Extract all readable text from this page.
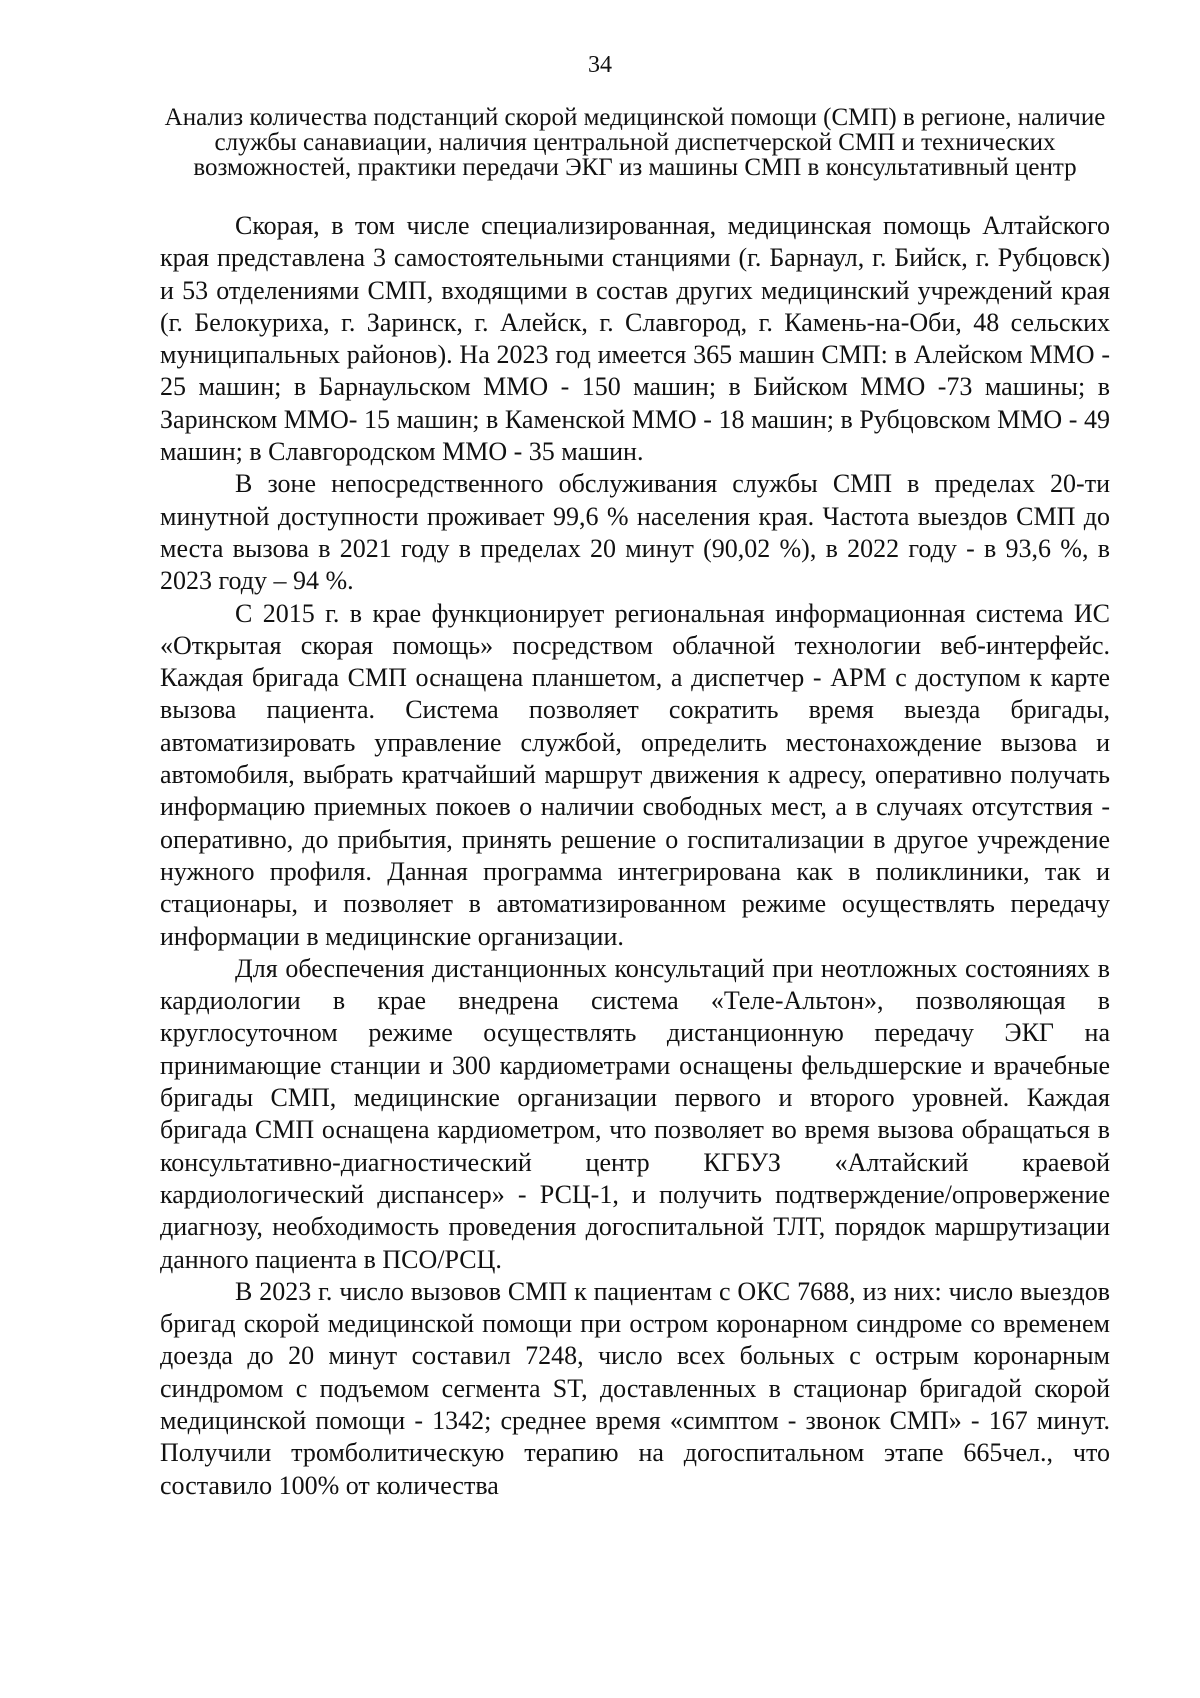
34
Анализ количества подстанций скорой медицинской помощи (СМП) в регионе, наличие службы санавиации, наличия центральной диспетчерской СМП и технических возможностей, практики передачи ЭКГ из машины СМП в консультативный центр

Скорая, в том числе специализированная, медицинская помощь Алтайского края представлена 3 самостоятельными станциями (г. Барнаул, г. Бийск, г. Рубцовск) и 53 отделениями СМП, входящими в состав других медицинский учреждений края (г. Белокуриха, г. Заринск, г. Алейск, г. Славгород, г. Камень-на-Оби, 48 сельских муниципальных районов). На 2023 год имеется 365 машин СМП: в Алейском ММО - 25 машин; в Барнаульском ММО - 150 машин; в Бийском ММО -73 машины; в Заринском ММО- 15 машин; в Каменской ММО - 18 машин; в Рубцовском ММО - 49 машин; в Славгородском ММО - 35 машин.

В зоне непосредственного обслуживания службы СМП в пределах 20-ти минутной доступности проживает 99,6 % населения края. Частота выездов СМП до места вызова в 2021 году в пределах 20 минут (90,02 %), в 2022 году - в 93,6 %, в 2023 году – 94 %.

С 2015 г. в крае функционирует региональная информационная система ИС «Открытая скорая помощь» посредством облачной технологии веб-интерфейс. Каждая бригада СМП оснащена планшетом, а диспетчер - АРМ с доступом к карте вызова пациента. Система позволяет сократить время выезда бригады, автоматизировать управление службой, определить местонахождение вызова и автомобиля, выбрать кратчайший маршрут движения к адресу, оперативно получать информацию приемных покоев о наличии свободных мест, а в случаях отсутствия - оперативно, до прибытия, принять решение о госпитализации в другое учреждение нужного профиля. Данная программа интегрирована как в поликлиники, так и стационары, и позволяет в автоматизированном режиме осуществлять передачу информации в медицинские организации.

Для обеспечения дистанционных консультаций при неотложных состояниях в кардиологии в крае внедрена система «Теле-Альтон», позволяющая в круглосуточном режиме осуществлять дистанционную передачу ЭКГ на принимающие станции и 300 кардиометрами оснащены фельдшерские и врачебные бригады СМП, медицинские организации первого и второго уровней. Каждая бригада СМП оснащена кардиометром, что позволяет во время вызова обращаться в консультативно-диагностический центр КГБУЗ «Алтайский краевой кардиологический диспансер» - РСЦ-1, и получить подтверждение/опровержение диагнозу, необходимость проведения догоспитальной ТЛТ, порядок маршрутизации данного пациента в ПСО/РСЦ.

В 2023 г. число вызовов СМП к пациентам с ОКС 7688, из них: число выездов бригад скорой медицинской помощи при остром коронарном синдроме со временем доезда до 20 минут составил 7248, число всех больных с острым коронарным синдромом с подъемом сегмента ST, доставленных в стационар бригадой скорой медицинской помощи - 1342; среднее время «симптом - звонок СМП» - 167 минут. Получили тромболитическую терапию на догоспитальном этапе 665чел., что составило 100% от количества
